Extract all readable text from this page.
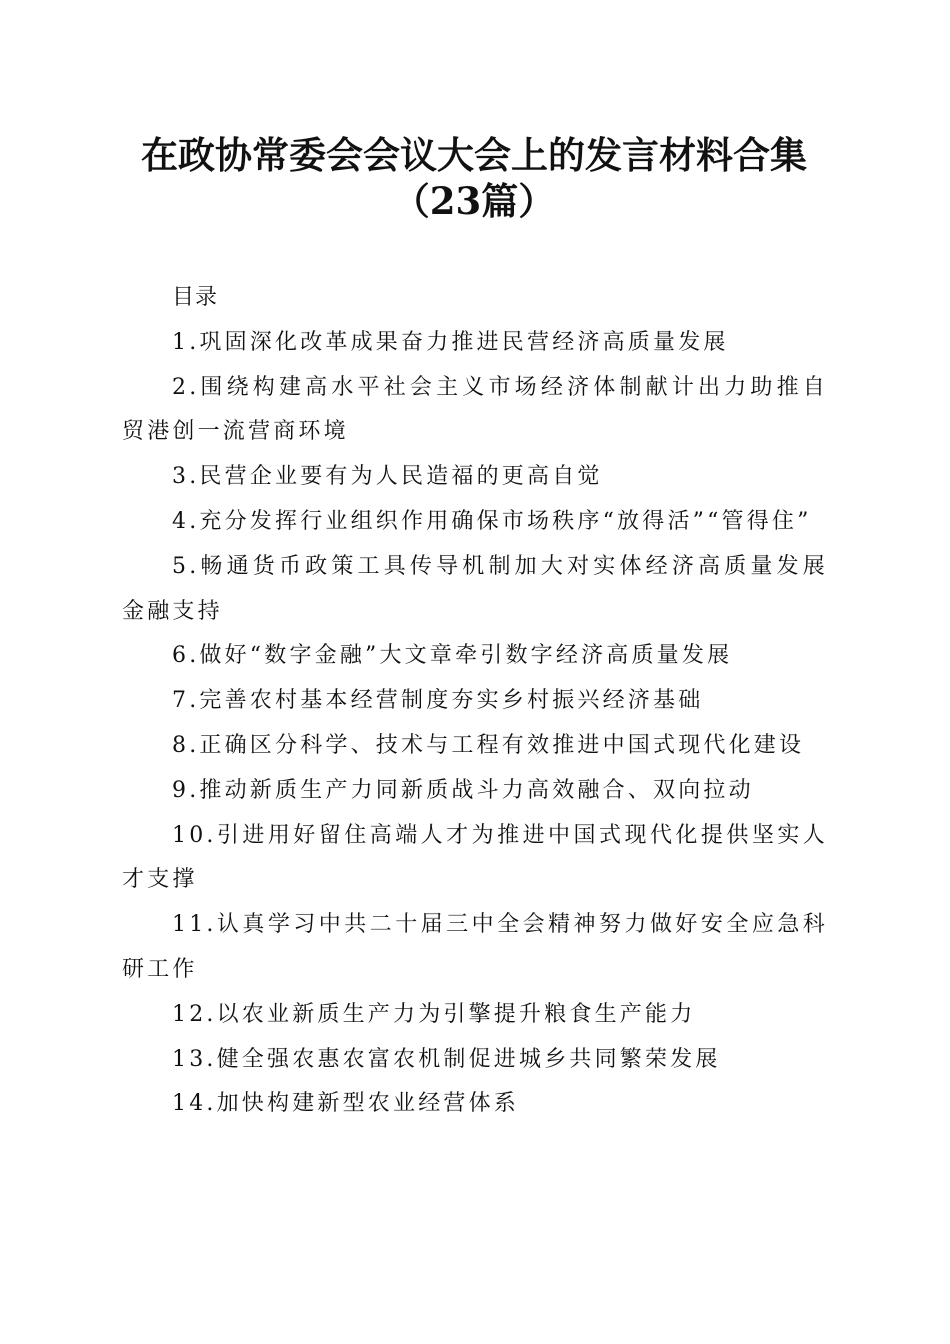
在政协常委会会议大会上的发言材料合集（23篇）

目录

1.巩固深化改革成果奋力推进民营经济高质量发展
2.围绕构建高水平社会主义市场经济体制献计出力助推自贸港创一流营商环境
3.民营企业要有为人民造福的更高自觉
4.充分发挥行业组织作用确保市场秩序“放得活”“管得住”
5.畅通货币政策工具传导机制加大对实体经济高质量发展金融支持
6.做好“数字金融”大文章牵引数字经济高质量发展
7.完善农村基本经营制度夯实乡村振兴经济基础
8.正确区分科学、技术与工程有效推进中国式现代化建设
9.推动新质生产力同新质战斗力高效融合、双向拉动
10.引进用好留住高端人才为推进中国式现代化提供坚实人才支撑
11.认真学习中共二十届三中全会精神努力做好安全应急科研工作
12.以农业新质生产力为引擎提升粮食生产能力
13.健全强农惠农富农机制促进城乡共同繁荣发展
14.加快构建新型农业经营体系
